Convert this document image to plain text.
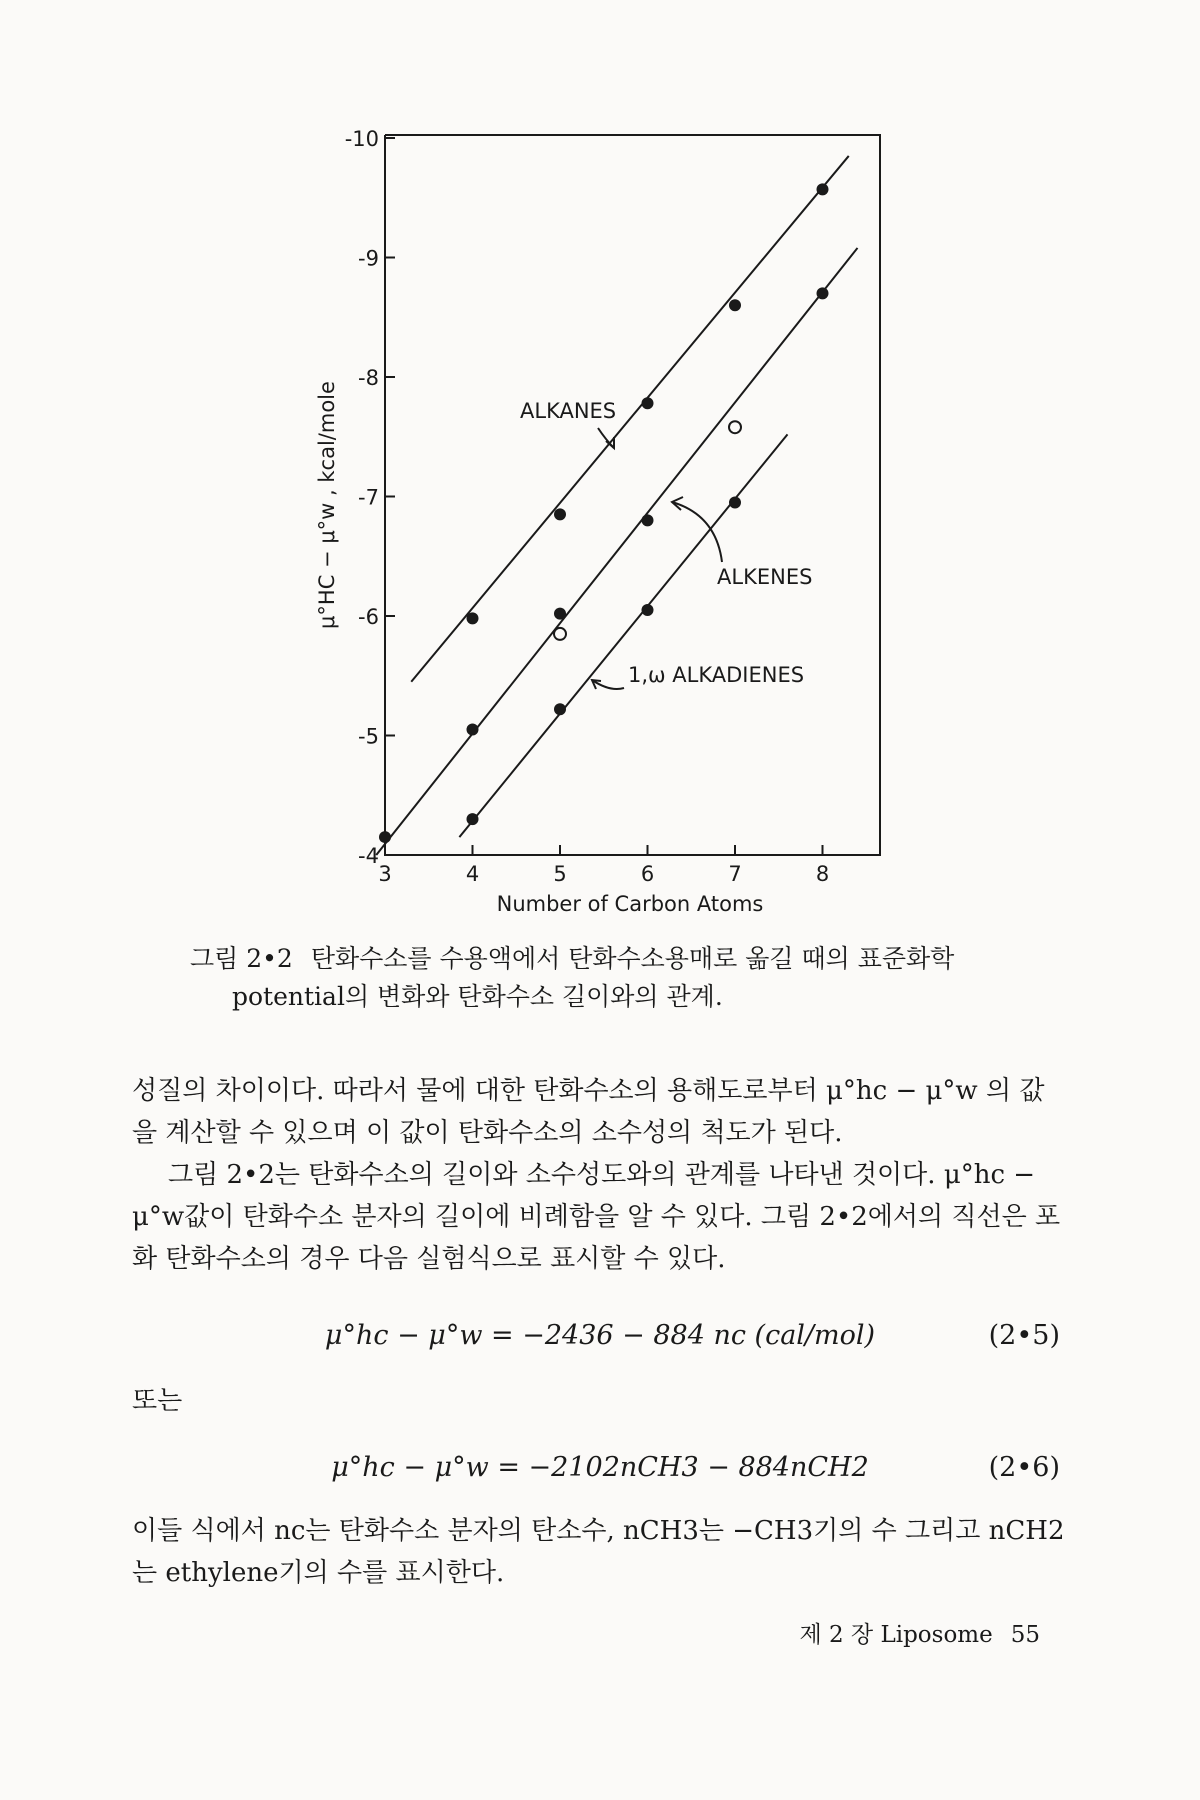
-4
-5
-6
-7
-8
-9
-10
3	4	5	6	7	8
Number of Carbon Atoms
μ°HC − μ°w , kcal/mole	ALKANES
ALKENES
1,ω ALKADIENES
그림 2•2 탄화수소를 수용액에서 탄화수소용매로 옮길 때의 표준화학
potential의 변화와 탄화수소 길이와의 관계.

성질의 차이이다. 따라서 물에 대한 탄화수소의 용해도로부터 μ°hc − μ°w 의 값을 계산할 수 있으며 이 값이 탄화수소의 소수성의 척도가 된다.

그림 2•2는 탄화수소의 길이와 소수성도와의 관계를 나타낸 것이다. μ°hc − μ°w값이 탄화수소 분자의 길이에 비례함을 알 수 있다. 그림 2•2에서의 직선은 포화 탄화수소의 경우 다음 실험식으로 표시할 수 있다.

μ°hc − μ°w = −2436 − 884 nc (cal/mol)	(2•5)

또는

μ°hc − μ°w = −2102nCH3 − 884nCH2	(2•6)

이들 식에서 nc는 탄화수소 분자의 탄소수, nCH3는 −CH3기의 수 그리고 nCH2는 ethylene기의 수를 표시한다.

제 2 장 Liposome 55
